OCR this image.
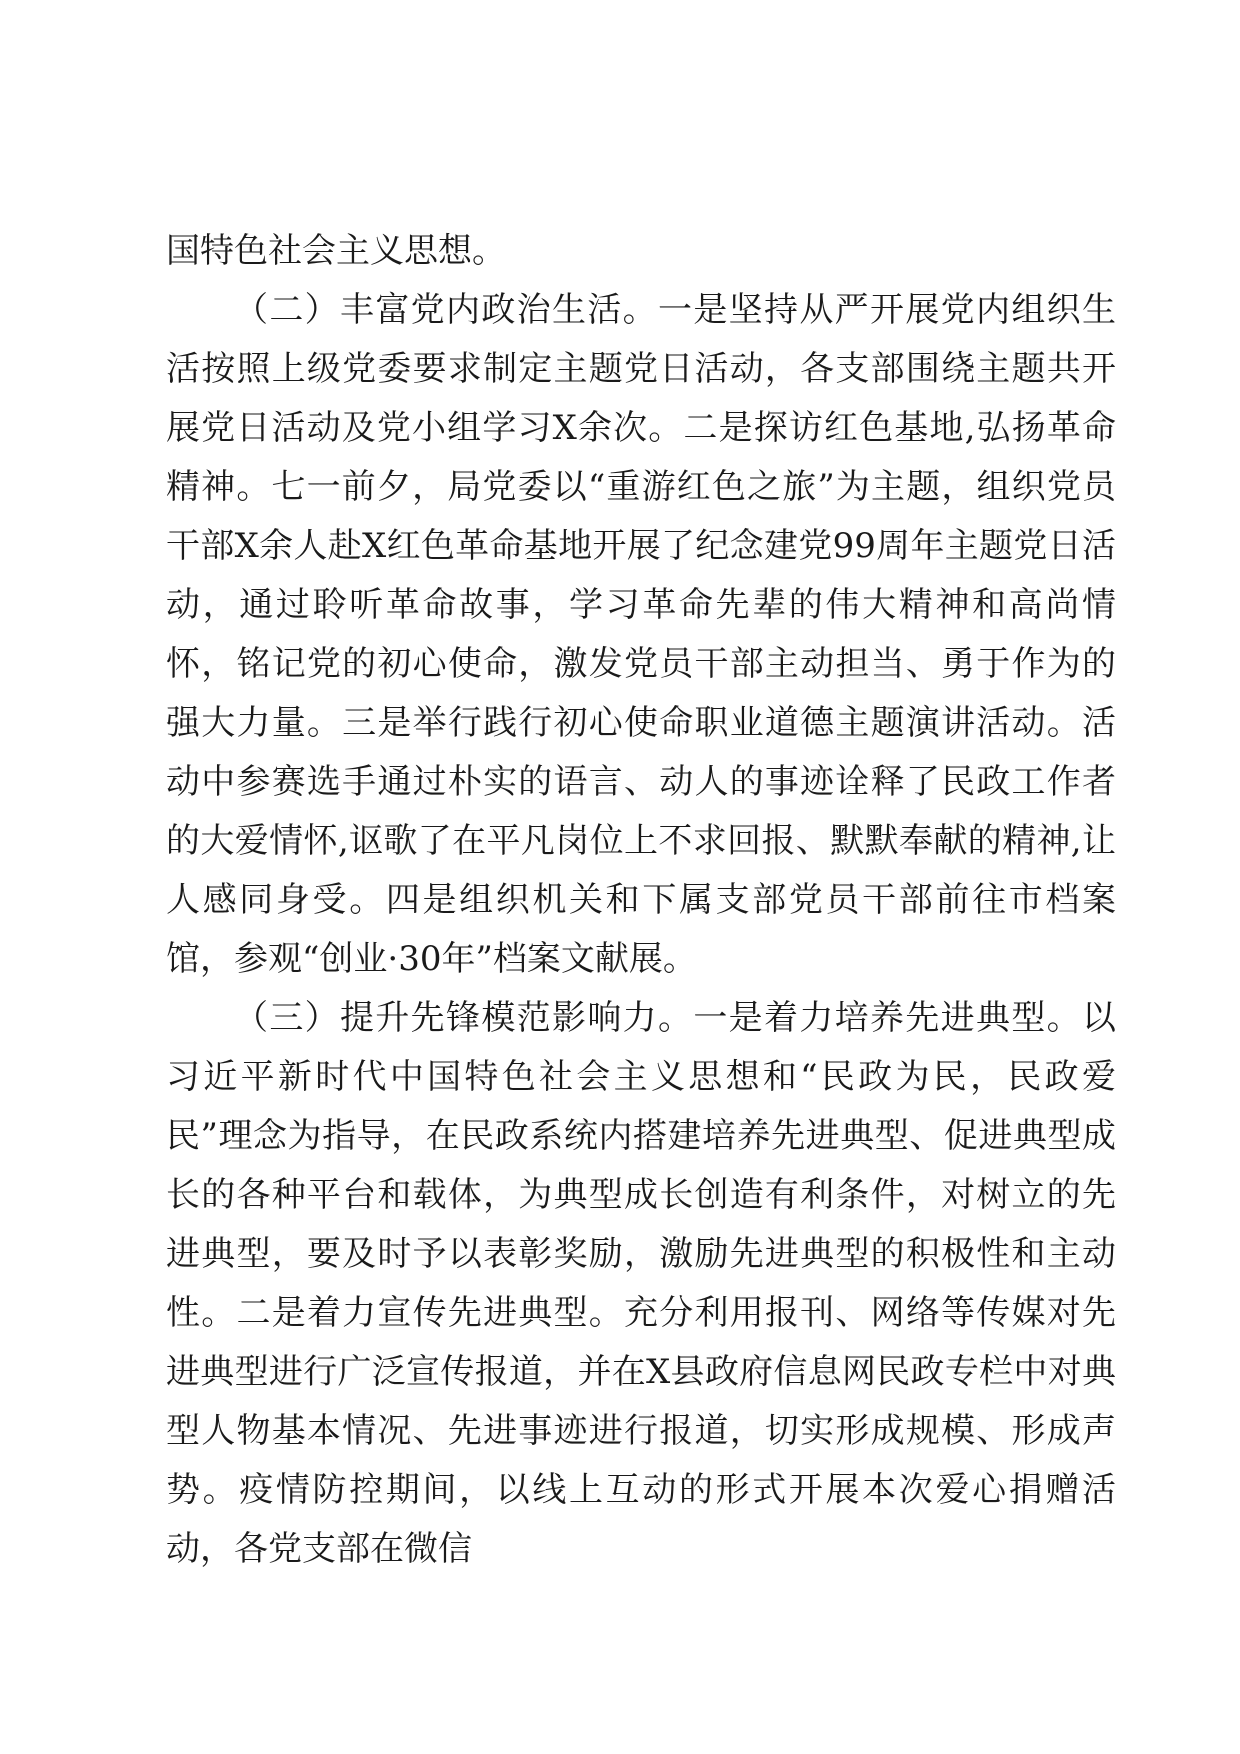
国特色社会主义思想。

（二）丰富党内政治生活。一是坚持从严开展党内组织生活按照上级党委要求制定主题党日活动，各支部围绕主题共开展党日活动及党小组学习X余次。二是探访红色基地,弘扬革命精神。七一前夕，局党委以“重游红色之旅”为主题，组织党员干部X余人赴X红色革命基地开展了纪念建党99周年主题党日活动，通过聆听革命故事，学习革命先辈的伟大精神和高尚情怀，铭记党的初心使命，激发党员干部主动担当、勇于作为的强大力量。三是举行践行初心使命职业道德主题演讲活动。活动中参赛选手通过朴实的语言、动人的事迹诠释了民政工作者的大爱情怀,讴歌了在平凡岗位上不求回报、默默奉献的精神,让人感同身受。四是组织机关和下属支部党员干部前往市档案馆，参观“创业·30年”档案文献展。

（三）提升先锋模范影响力。一是着力培养先进典型。以习近平新时代中国特色社会主义思想和“民政为民，民政爱民”理念为指导，在民政系统内搭建培养先进典型、促进典型成长的各种平台和载体，为典型成长创造有利条件，对树立的先进典型，要及时予以表彰奖励，激励先进典型的积极性和主动性。二是着力宣传先进典型。充分利用报刊、网络等传媒对先进典型进行广泛宣传报道，并在X县政府信息网民政专栏中对典型人物基本情况、先进事迹进行报道，切实形成规模、形成声势。疫情防控期间，以线上互动的形式开展本次爱心捐赠活动，各党支部在微信
